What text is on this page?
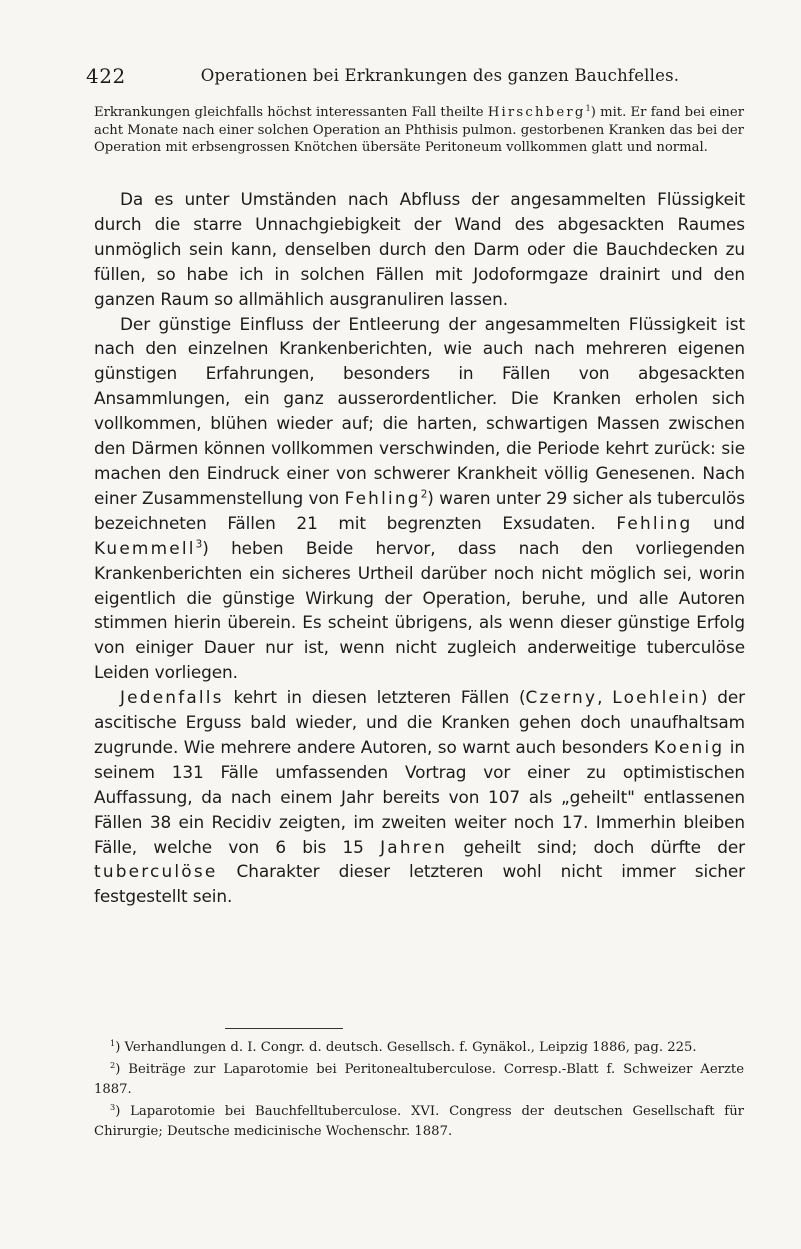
422	Operationen bei Erkrankungen des ganzen Bauchfelles.

Erkrankungen gleichfalls höchst interessanten Fall theilte Hirschberg$^1$) mit. Er fand bei einer acht Monate nach einer solchen Operation an Phthisis pulmon. gestorbenen Kranken das bei der Operation mit erbsengrossen Knötchen übersäte Peritoneum vollkommen glatt und normal.

Da es unter Umständen nach Abfluss der angesammelten Flüssigkeit durch die starre Unnachgiebigkeit der Wand des abgesackten Raumes unmöglich sein kann, denselben durch den Darm oder die Bauchdecken zu füllen, so habe ich in solchen Fällen mit Jodoformgaze drainirt und den ganzen Raum so allmählich ausgranuliren lassen.

Der günstige Einfluss der Entleerung der angesammelten Flüssigkeit ist nach den einzelnen Krankenberichten, wie auch nach mehreren eigenen günstigen Erfahrungen, besonders in Fällen von abgesackten Ansammlungen, ein ganz ausserordentlicher. Die Kranken erholen sich vollkommen, blühen wieder auf; die harten, schwartigen Massen zwischen den Därmen können vollkommen verschwinden, die Periode kehrt zurück: sie machen den Eindruck einer von schwerer Krankheit völlig Genesenen. Nach einer Zusammenstellung von Fehling$^2$) waren unter 29 sicher als tuberculös bezeichneten Fällen 21 mit begrenzten Exsudaten. Fehling und Kuemmell$^3$) heben Beide hervor, dass nach den vorliegenden Krankenberichten ein sicheres Urtheil darüber noch nicht möglich sei, worin eigentlich die günstige Wirkung der Operation, beruhe, und alle Autoren stimmen hierin überein. Es scheint übrigens, als wenn dieser günstige Erfolg von einiger Dauer nur ist, wenn nicht zugleich anderweitige tuberculöse Leiden vorliegen.

Jedenfalls kehrt in diesen letzteren Fällen (Czerny, Loehlein) der ascitische Erguss bald wieder, und die Kranken gehen doch unaufhaltsam zugrunde. Wie mehrere andere Autoren, so warnt auch besonders Koenig in seinem 131 Fälle umfassenden Vortrag vor einer zu optimistischen Auffassung, da nach einem Jahr bereits von 107 als „geheilt" entlassenen Fällen 38 ein Recidiv zeigten, im zweiten weiter noch 17. Immerhin bleiben Fälle, welche von 6 bis 15 Jahren geheilt sind; doch dürfte der tuberculöse Charakter dieser letzteren wohl nicht immer sicher festgestellt sein.

$^1$) Verhandlungen d. I. Congr. d. deutsch. Gesellsch. f. Gynäkol., Leipzig 1886, pag. 225.

$^2$) Beiträge zur Laparotomie bei Peritonealtuberculose. Corresp.-Blatt f. Schweizer Aerzte 1887.

$^3$) Laparotomie bei Bauchfelltuberculose. XVI. Congress der deutschen Gesellschaft für Chirurgie; Deutsche medicinische Wochenschr. 1887.
